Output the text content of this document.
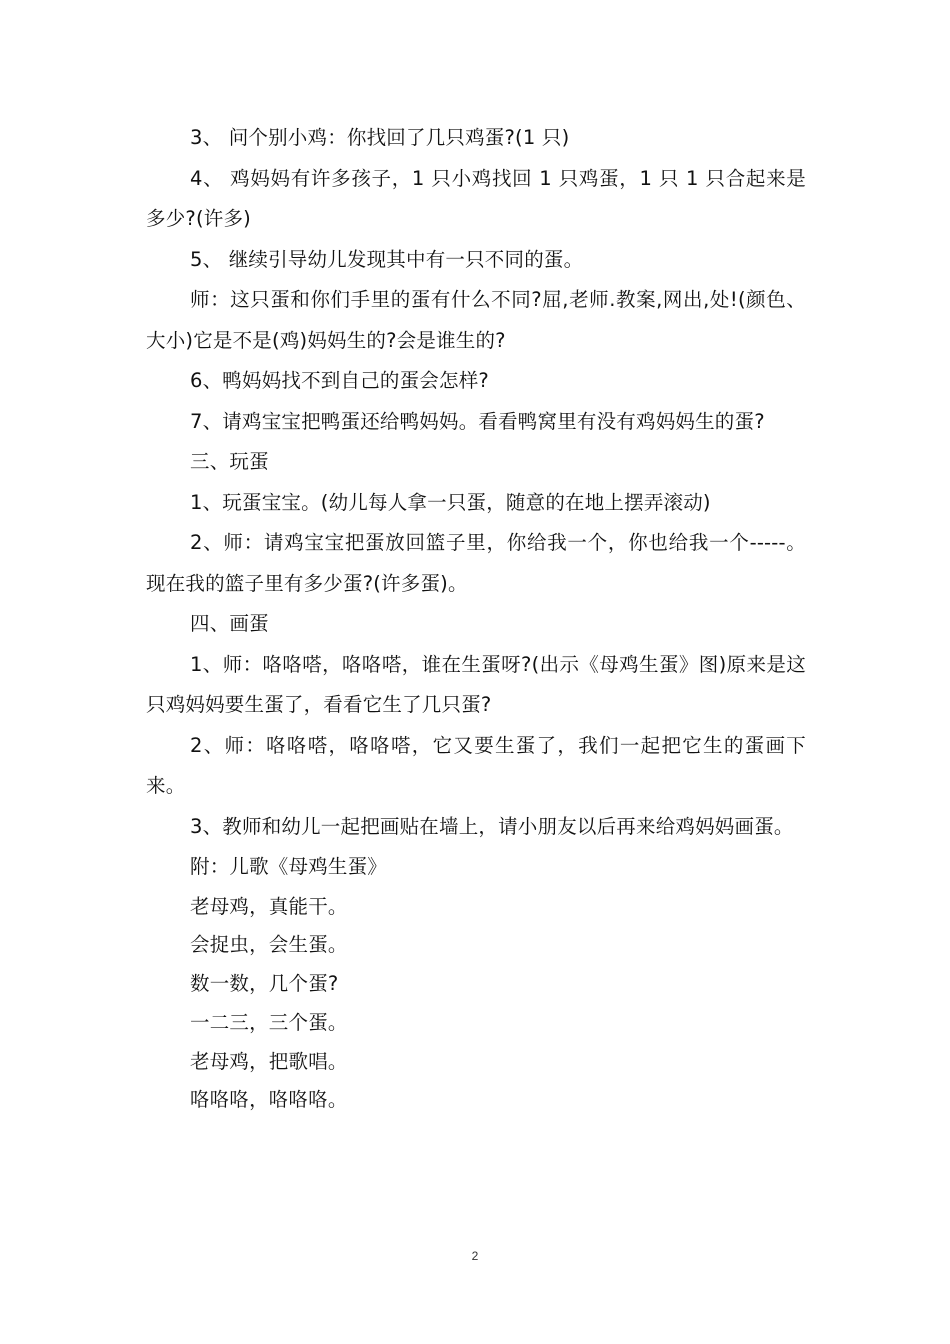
3、 问个别小鸡：你找回了几只鸡蛋?(1 只)

4、 鸡妈妈有许多孩子，1 只小鸡找回 1 只鸡蛋，1 只 1 只合起来是多少?(许多)

5、 继续引导幼儿发现其中有一只不同的蛋。

师：这只蛋和你们手里的蛋有什么不同?屈,老师.教案,网出,处!(颜色、大小)它是不是(鸡)妈妈生的?会是谁生的?

6、鸭妈妈找不到自己的蛋会怎样?

7、请鸡宝宝把鸭蛋还给鸭妈妈。看看鸭窝里有没有鸡妈妈生的蛋?

三、玩蛋

1、玩蛋宝宝。(幼儿每人拿一只蛋，随意的在地上摆弄滚动)

2、师：请鸡宝宝把蛋放回篮子里，你给我一个，你也给我一个-----。现在我的篮子里有多少蛋?(许多蛋)。

四、画蛋

1、师：咯咯嗒，咯咯嗒，谁在生蛋呀?(出示《母鸡生蛋》图)原来是这只鸡妈妈要生蛋了，看看它生了几只蛋?

2、师：咯咯嗒，咯咯嗒，它又要生蛋了，我们一起把它生的蛋画下来。

3、教师和幼儿一起把画贴在墙上，请小朋友以后再来给鸡妈妈画蛋。

附：儿歌《母鸡生蛋》

老母鸡，真能干。

会捉虫，会生蛋。

数一数，几个蛋?

一二三，三个蛋。

老母鸡，把歌唱。

咯咯咯，咯咯咯。

2
